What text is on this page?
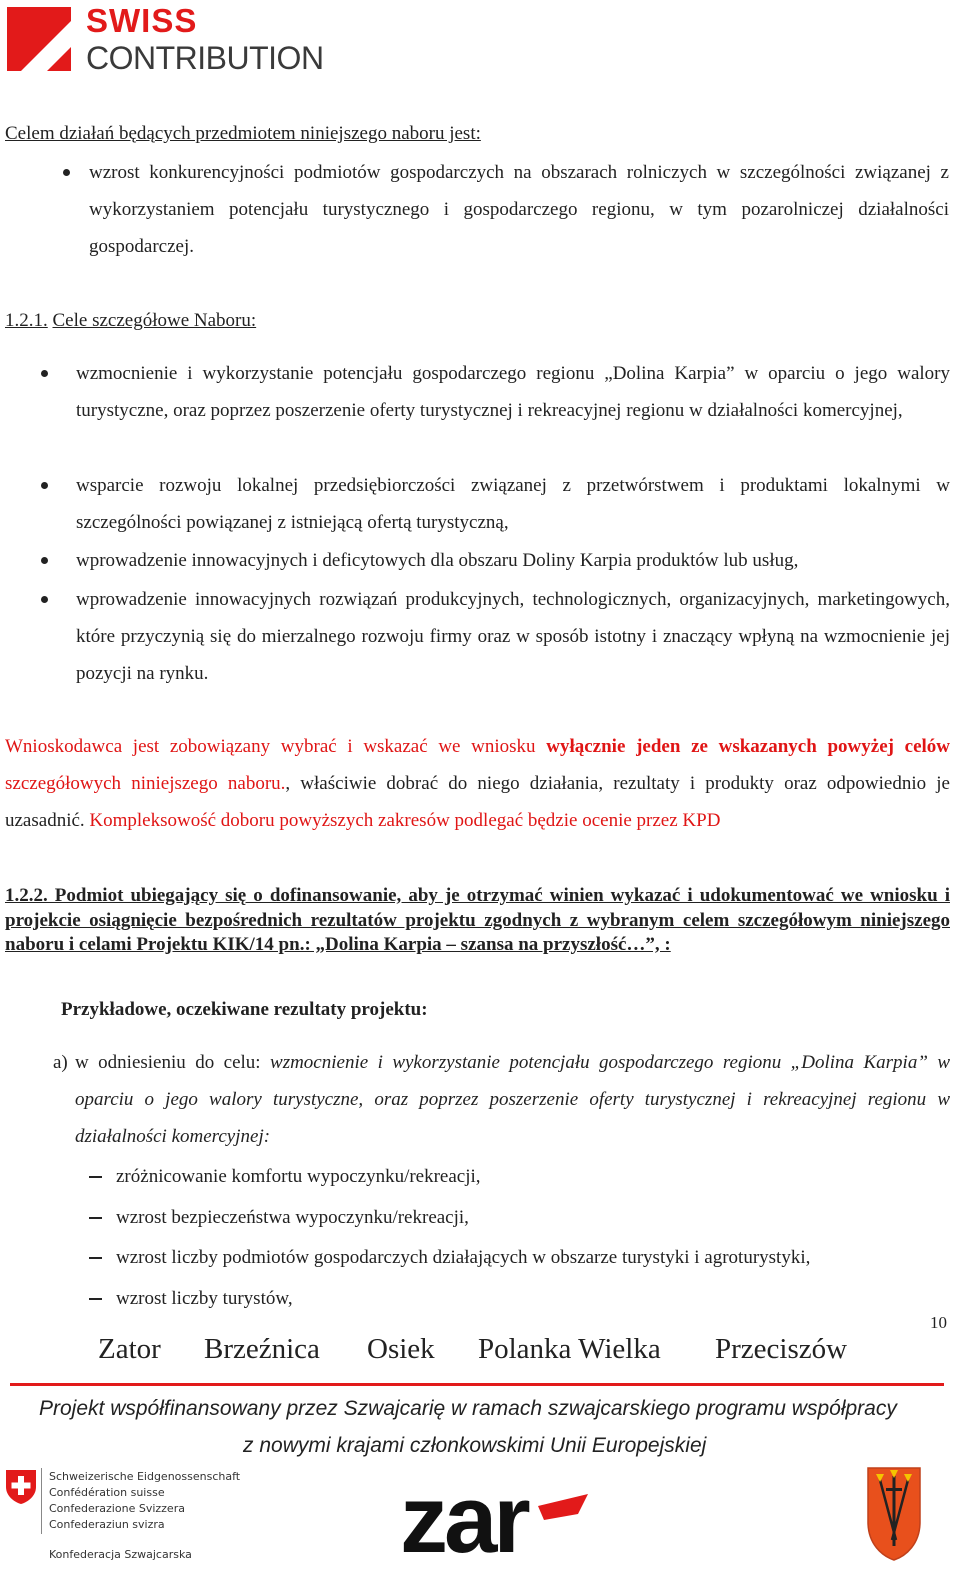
SWISS
CONTRIBUTION
Celem działań będących przedmiotem niniejszego naboru jest:
wzrost konkurencyjności podmiotów gospodarczych na obszarach rolniczych w szczególności związanej z wykorzystaniem potencjału turystycznego i gospodarczego regionu, w tym pozarolniczej działalności gospodarczej.
1.2.1. Cele szczegółowe Naboru:
wzmocnienie i wykorzystanie potencjału gospodarczego regionu „Dolina Karpia” w oparciu o jego walory turystyczne, oraz poprzez poszerzenie oferty turystycznej i rekreacyjnej regionu w działalności komercyjnej,
wsparcie rozwoju lokalnej przedsiębiorczości związanej z przetwórstwem i produktami lokalnymi w szczególności powiązanej z istniejącą ofertą turystyczną,
wprowadzenie innowacyjnych i deficytowych dla obszaru Doliny Karpia produktów lub usług,
wprowadzenie innowacyjnych rozwiązań produkcyjnych, technologicznych, organizacyjnych, marketingowych, które przyczynią się do mierzalnego rozwoju firmy oraz w sposób istotny i znaczący wpłyną na wzmocnienie jej pozycji na rynku.
Wnioskodawca jest zobowiązany wybrać i wskazać we wniosku wyłącznie jeden ze wskazanych powyżej celów szczegółowych niniejszego naboru., właściwie dobrać do niego działania, rezultaty i produkty oraz odpowiednio je uzasadnić. Kompleksowość doboru powyższych zakresów podlegać będzie ocenie przez KPD
1.2.2. Podmiot ubiegający się o dofinansowanie, aby je otrzymać winien wykazać i udokumentować we wniosku i projekcie osiągnięcie bezpośrednich rezultatów projektu zgodnych z wybranym celem szczegółowym niniejszego naboru i celami Projektu KIK/14 pn.: „Dolina Karpia – szansa na przyszłość…”, :
Przykładowe, oczekiwane rezultaty projektu:
a) w odniesieniu do celu: wzmocnienie i wykorzystanie potencjału gospodarczego regionu „Dolina Karpia” w oparciu o jego walory turystyczne, oraz poprzez poszerzenie oferty turystycznej i rekreacyjnej regionu w działalności komercyjnej:
zróżnicowanie komfortu wypoczynku/rekreacji,
wzrost bezpieczeństwa wypoczynku/rekreacji,
wzrost liczby podmiotów gospodarczych działających w obszarze turystyki i agroturystyki,
wzrost liczby turystów,
10
Zator Brzeźnica Osiek Polanka Wielka Przeciszów
Projekt współfinansowany przez Szwajcarię w ramach szwajcarskiego programu współpracy
z nowymi krajami członkowskimi Unii Europejskiej
Schweizerische Eidgenossenschaft
Confédération suisse
Confederazione Svizzera
Confederaziun svizra
Konfederacja Szwajcarska zar
